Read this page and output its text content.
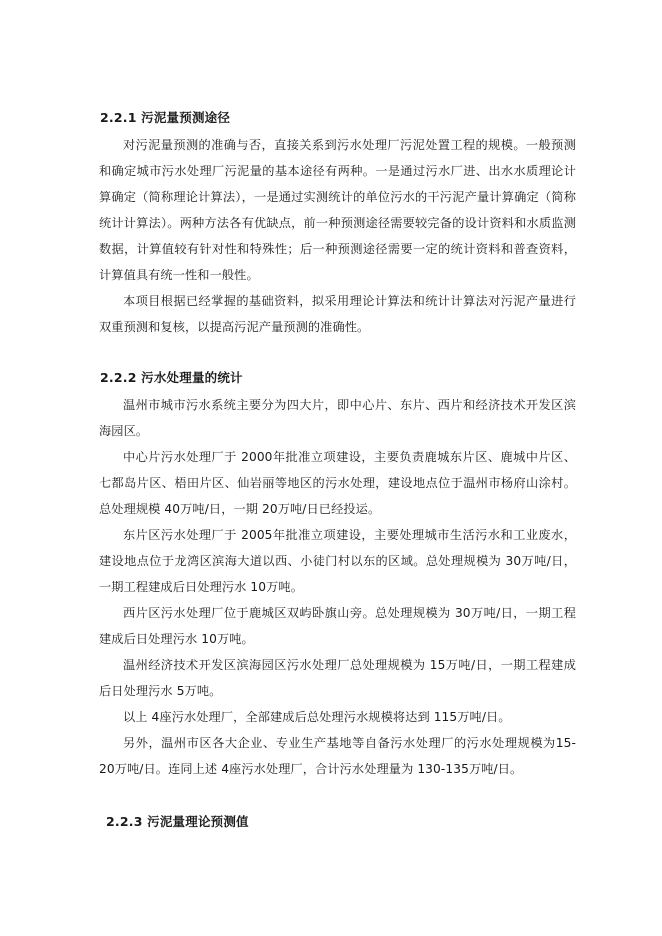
2.2.1 污泥量预测途径

对污泥量预测的准确与否，直接关系到污水处理厂污泥处置工程的规模。一般预测和确定城市污水处理厂污泥量的基本途径有两种。一是通过污水厂进、出水水质理论计算确定（简称理论计算法），一是通过实测统计的单位污水的干污泥产量计算确定（简称统计计算法）。两种方法各有优缺点，前一种预测途径需要较完备的设计资料和水质监测数据，计算值较有针对性和特殊性；后一种预测途径需要一定的统计资料和普查资料，计算值具有统一性和一般性。

本项目根据已经掌握的基础资料，拟采用理论计算法和统计计算法对污泥产量进行双重预测和复核，以提高污泥产量预测的准确性。

2.2.2 污水处理量的统计

温州市城市污水系统主要分为四大片，即中心片、东片、西片和经济技术开发区滨海园区。

中心片污水处理厂于 2000年批准立项建设，主要负责鹿城东片区、鹿城中片区、七都岛片区、梧田片区、仙岩丽等地区的污水处理，建设地点位于温州市杨府山涂村。总处理规模 40万吨/日，一期 20万吨/日已经投运。

东片区污水处理厂于 2005年批准立项建设，主要处理城市生活污水和工业废水，建设地点位于龙湾区滨海大道以西、小徒门村以东的区域。总处理规模为 30万吨/日，一期工程建成后日处理污水 10万吨。

西片区污水处理厂位于鹿城区双屿卧旗山旁。总处理规模为 30万吨/日，一期工程建成后日处理污水 10万吨。

温州经济技术开发区滨海园区污水处理厂总处理规模为 15万吨/日，一期工程建成后日处理污水 5万吨。

以上 4座污水处理厂，全部建成后总处理污水规模将达到 115万吨/日。

另外，温州市区各大企业、专业生产基地等自备污水处理厂的污水处理规模为15-20万吨/日。连同上述 4座污水处理厂，合计污水处理量为 130-135万吨/日。

2.2.3 污泥量理论预测值
